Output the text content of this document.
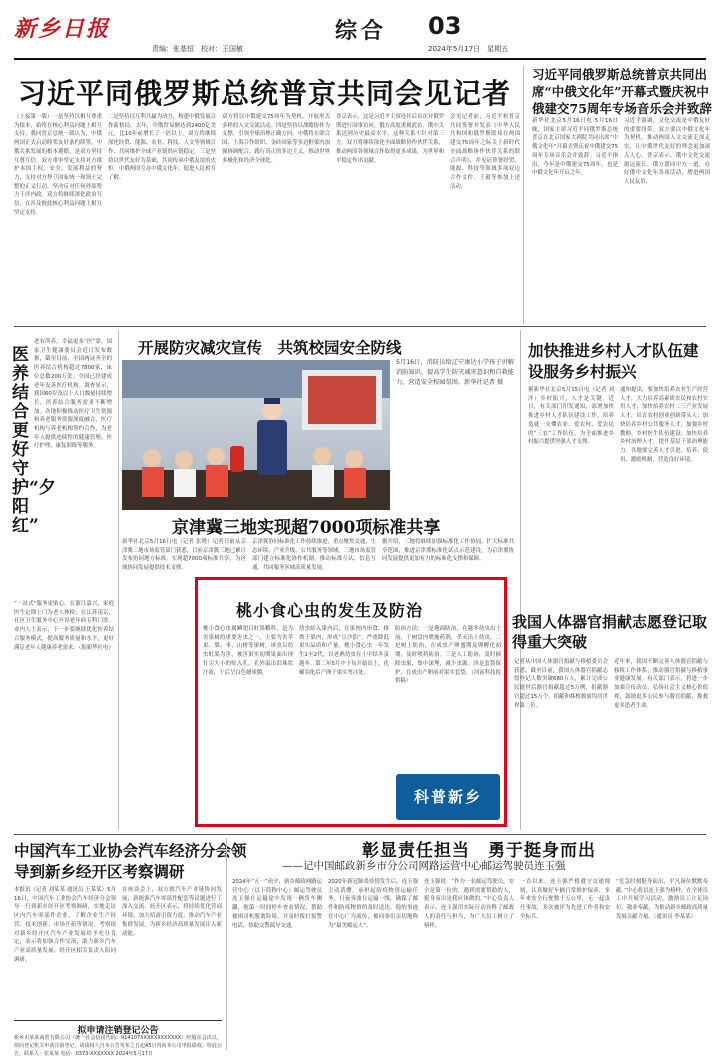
新乡日报	综合 03
责编：张基恒　校对：王国敏	2024年5月17日　星期五
习近平同俄罗斯总统普京共同会见记者
（上接第一版）一是坚持以相互尊重为根本，始终在核心利益问题上相互支持。我同普京总统一致认为，中俄两国正式启动睦邻友好条约续签。中俄关系发展的根本遵循，是双方坚持互尊互信。双方重申坚定支持对方维护本国主权、安全、发展利益的努力，支持对方捍卫国家统一和领土完整的正义行动，坚决反对任何外部势力干涉内政。双方将继续深化政治互信，在涉及彼此核心利益问题上相互坚定支持。
二是坚持以互利共赢为动力，构建中俄发展合作新格局。去年，中俄贸易额达到2400亿美元，比10年前增长了一倍以上。双方将继续深化经贸、能源、农业、科技、人文等领域合作，共同维护全球产业链供应链稳定。三是坚持以世代友好为基础，共同传承中俄友谊的火炬。中俄两国互办中俄文化年，促进人民相互了解。
双方将以中俄建交75周年为契机，开展形式多样的人文交流活动。四是坚持以战略协作为支撑，引领全球治理正确方向。中俄将在联合国、上海合作组织、金砖国家等多边框架内加强协调配合，践行真正的多边主义，推动世界多极化和经济全球化。
普京表示，这是习近平主席连任后首次对俄罗斯进行国事访问。俄方高度重视此访。俄中关系达到历史最高水平，这种关系不针对第三方。双方将继续深化全面战略协作伙伴关系，推动两国各领域合作取得更多成果，为世界和平稳定作出贡献。
会见记者前，习近平和普京共同签署并发表《中华人民共和国和俄罗斯联邦在两国建交75周年之际关于新时代全面战略协作伙伴关系的联合声明》，并见证签署经贸、能源、科技等领域多项双边合作文件。王毅等参加上述活动。
习近平同俄罗斯总统普京共同出席“中俄文化年”开幕式暨庆祝中俄建交75周年专场音乐会并致辞
新华社北京5月16日电 5月16日晚，国家主席习近平同俄罗斯总统普京在北京国家大剧院共同出席“中俄文化年”开幕式暨庆祝中俄建交75周年专场音乐会并致辞。习近平指出，今年是中俄建交75周年，也是中俄文化年开启之年。
习近平强调，文化交流是中俄友好的重要纽带。双方要以中俄文化年为契机，推动两国人文交流走深走实，让中俄世代友好的理念更加深入人心。普京表示，俄中文化交流源远流长，俄方愿同中方一道，办好俄中文化年各项活动，增进两国人民友谊。
医养结合更好守护“夕阳红”
老有所养，幸福更多“医”靠。国家卫生健康委员会近日发布数据，截至目前，全国两证齐全的医养结合机构超过7800家，床位总数200万张。全国已经建成老年友善医疗机构。调查显示，我国60岁及以上人口数量持续增长，医养结合服务需求不断增加。各地积极推动医疗卫生资源和养老服务资源深度融合，医疗机构与养老机构签约合作，为老年人提供连续性的健康管理、医疗护理、康复训练等服务。
“一站式”服务更贴心。在浙江嘉兴，家庭医生定期上门为老人体检；在江苏南京，社区卫生服务中心开设老年病专科门诊。业内人士表示，下一步要继续优化医养结合服务模式，提高服务质量和水平，更好满足老年人健康养老需求。（据新华社电）
开展防灾减灾宣传　共筑校园安全防线
5月16日，消防员给辽宁康达小学孩子讲解消防知识，提高学生防灾减灾意识和自救能力，营造安全校园氛围。新华社记者 摄
京津冀三地实现超7000项标准共享
新华社北京5月16日电（记者 张晓）记者日前从京津冀三地市场监管部门获悉，目前京津冀三地已累计发布协同地方标准，实现超7000项标准共享，为区域协同发展提供技术支撑。
京津冀协同标准化工作持续推进，重点聚焦交通、生态环境、产业升级、公共服务等领域。三地市场监管部门建立标准化协作机制，推动标准互认、信息互通，共同服务区域高质量发展。
据介绍，三地将继续加强标准化工作协同，扩大标准共享范围，推进京津冀标准化试点示范建设，为京津冀协同发展提供更加有力的标准化支撑和保障。
桃小食心虫的发生及防治
桃小食心虫属鳞翅目蛀果蛾科，是为害果树的重要害虫之一，主要为害苹果、梨、枣、山楂等果树。该虫以幼虫蛀果为害，被害果实初期果面出现针尖大小的蛀入孔，孔外溢出泪珠状汁液，干后呈白色蜡质膜。
幼虫蛀入果内后，在果肉内串食，排粪于果内，形成“豆沙馅”，严重降低果实品质和产量。桃小食心虫一年发生1至2代，以老熟幼虫在土中结冬茧越冬。第二年5月中下旬开始出土，化蛹羽化后产卵于果实萼洼处。
防治方法：一是地面防治，在越冬幼虫出土前，于树盘内喷施药剂，杀灭出土幼虫。二是树上防治，在成虫产卵盛期及卵孵化初期，及时喷药防治。三是人工防治，及时摘除虫果，集中深埋，减少虫源。四是套袋保护，在成虫产卵前对果实套袋。（河南科技报 供稿）
科普新乡
加快推进乡村人才队伍建设服务乡村振兴
据新华社北京5月15日电（记者 刘洋）乡村振兴，人才是关键。近日，有关部门印发通知，部署加快推进乡村人才队伍建设工作，培养造就一支懂农业、爱农村、爱农民的“三农”工作队伍，为全面推进乡村振兴提供坚强人才支撑。
通知提出，要加快培养农业生产经营人才，大力培养高素质农民和农村实用人才；加快培养农村二三产业发展人才，培育农村创业创新带头人；加快培养乡村公共服务人才，加强乡村教师、乡村医生队伍建设；加快培养乡村治理人才，提升基层干部治理能力。各地要完善人才引进、培养、使用、激励机制，营造良好环境。
我国人体器官捐献志愿登记取得重大突破
记者从中国人体器官捐献与移植委员会获悉，截至目前，我国人体器官捐献志愿登记人数突破680万人，累计完成公民逝世后器官捐献超过5万例，捐献器官超过15万个，捐献和移植数量均居世界第二位。
近年来，我国不断完善人体器官捐献与移植工作体系，推动器官捐献与移植事业健康发展。有关部门表示，将进一步加强宣传动员，弘扬社会主义核心价值观，鼓励更多公民参与器官捐献，挽救更多患者生命。
中国汽车工业协会汽车经济分会领导到新乡经开区考察调研
本报讯（记者 刘某某 通讯员 王某某）5月16日，中国汽车工业协会汽车经济分会领导一行到新乡经开区考察调研，实地走访区内汽车零部件企业，了解企业生产经营、技术创新、市场开拓等情况。考察组对新乡经开区汽车产业发展给予充分肯定，表示将加强合作交流，助力新乡汽车产业高质量发展。经开区相关负责人陪同调研。
在座谈会上，双方就汽车产业链协同发展、新能源汽车零部件配套等议题进行了深入交流。经开区表示，将持续优化营商环境，加大招商引资力度，推动汽车产业集群发展，为新乡经济高质量发展注入新动能。
拟申请注销登记公告
新乡市某某商贸有限公司（统一社会信用代码：914107XXXXXXXXXXXX）经股东会决议，拟向登记机关申请注销登记，请债权人自本公告发布之日起45日内向本公司申报债权。特此公告。联系人：张某某 电话：0373-XXXXXXX 2024年5月17日
彰显责任担当　勇于挺身而出
——记中国邮政新乡市分公司网路运营中心邮运驾驶员连玉强
2024年“五一”前夕，新乡邮政网路运营中心（以下简称中心）邮运驾驶员连玉强在运输途中发现一辆货车侧翻，他第一时间停车查看情况，帮助被困司机脱离险境，并及时拨打报警电话，协助交警疏导交通。
2020年新冠肺炎疫情发生后，连玉强主动请缨，承担起防疫物资运输任务，日夜奔波在运输一线，确保了邮件和防疫物资的及时送达。他的事迹在中心广为流传，被同事们亲切地称为“最美邮运人”。
连玉强说：“作为一名邮运驾驶员，安全是第一位的，遇到需要帮助的人，挺身而出是我应该做的。”中心负责人表示，连玉强用实际行动诠释了邮政人的责任与担当，为广大员工树立了榜样。
一直以来，连玉强严格遵守交通规则，认真做好车辆日常维护保养，多年来安全行驶数十万公里，无一起责任事故，多次被评为先进工作者和安全标兵。
“危急时刻挺身而出，平凡岗位默默奉献。”中心将以连玉强为榜样，在全体员工中开展学习活动，激励员工立足岗位、敬业奉献，为推动新乡邮政高质量发展贡献力量。（通讯员 李某某）
